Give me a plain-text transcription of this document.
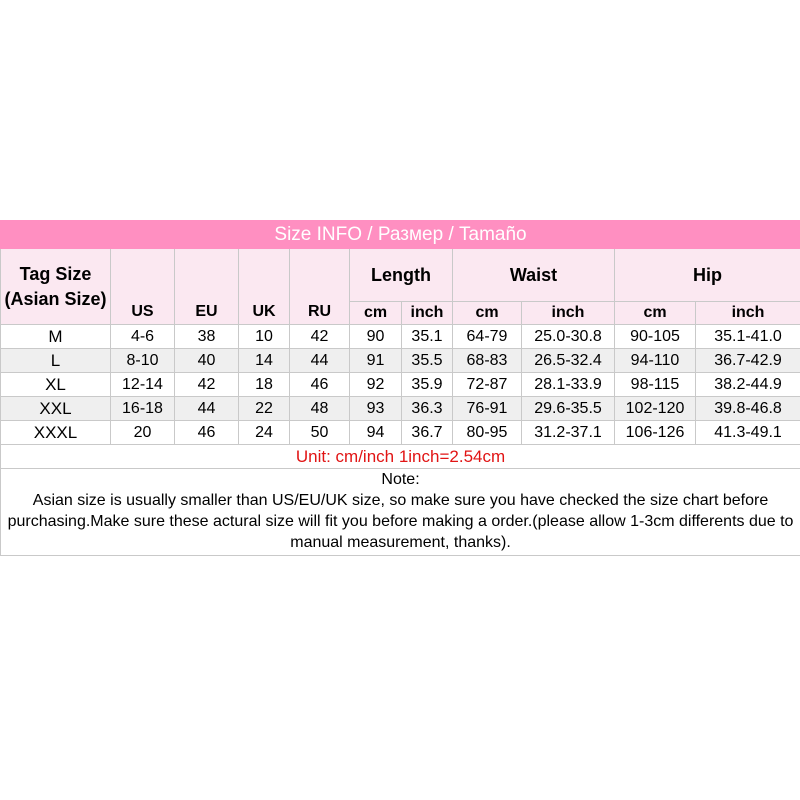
Size INFO / Размер / Tamaño										
Tag Size (Asian Size)	US	EU	UK	RU	Length		Waist		Hip	
					cm	inch	cm	inch	cm	inch
M	4-6	38	10	42	90	35.1	64-79	25.0-30.8	90-105	35.1-41.0
L	8-10	40	14	44	91	35.5	68-83	26.5-32.4	94-110	36.7-42.9
XL	12-14	42	18	46	92	35.9	72-87	28.1-33.9	98-115	38.2-44.9
XXL	16-18	44	22	48	93	36.3	76-91	29.6-35.5	102-120	39.8-46.8
XXXL	20	46	24	50	94	36.7	80-95	31.2-37.1	106-126	41.3-49.1
Unit: cm/inch 1inch=2.54cm										

Note:
Asian size is usually smaller than US/EU/UK size, so make sure you have checked the size chart before purchasing.Make sure these actural size will fit you before making a order.(please allow 1-3cm differents due to manual measurement, thanks).										
